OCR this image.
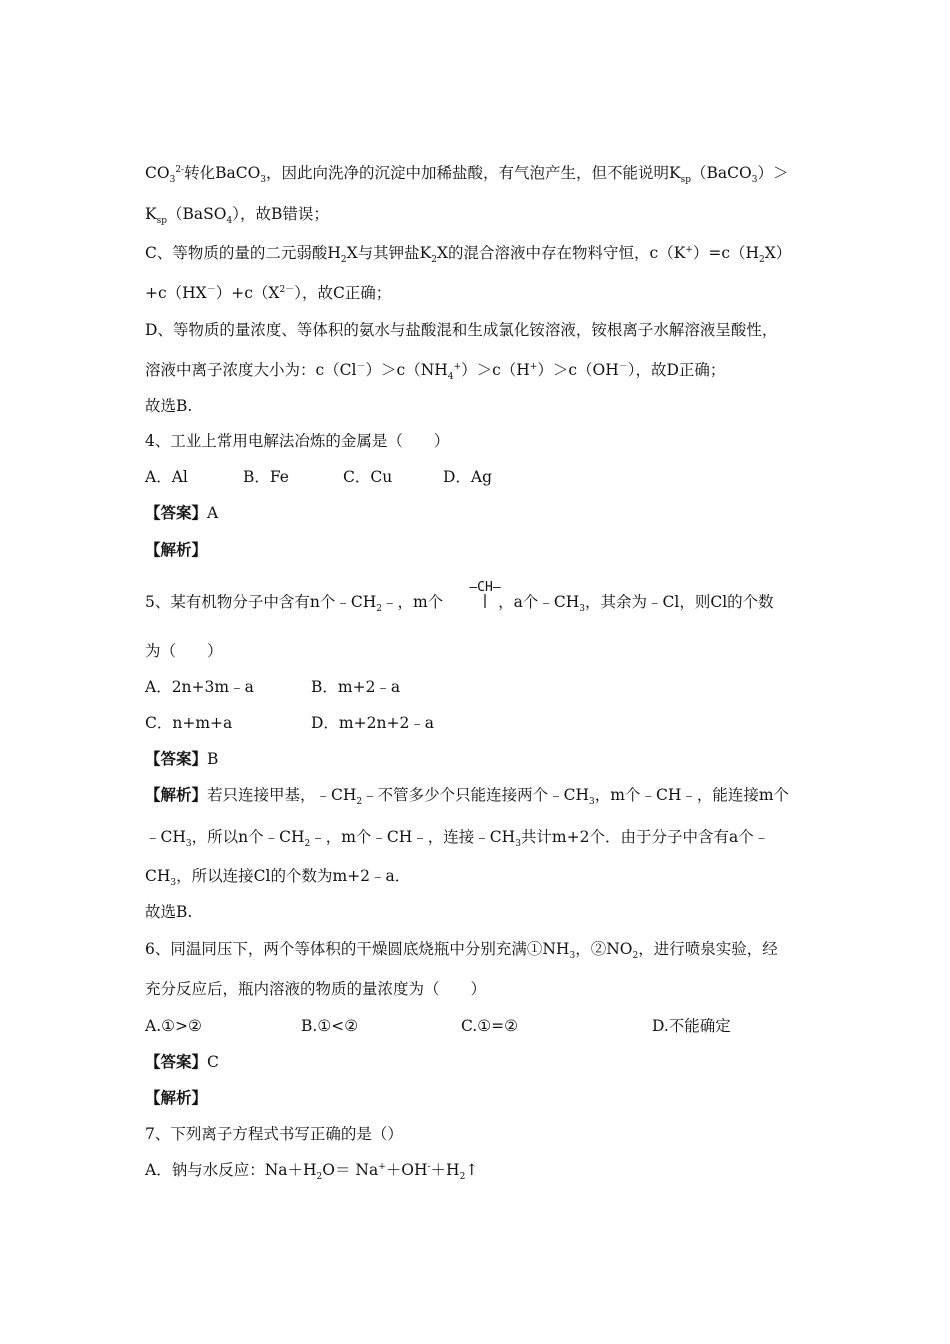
$CO_3^{2-}$转化BaCO$_3$，因此向洗净的沉淀中加稀盐酸，有气泡产生，但不能说明$K_{sp}(BaCO_3)>$
$K_{sp}(BaSO_4)$，故B错误；
C、等物质的量的二元弱酸$H_2X$与其钾盐$K_2X$的混合溶液中存在物料守恒，$c(K^+)=c(H_2X)$
$+c(HX^-)+c(X^{2-})$，故C正确；
D、等物质的量浓度、等体积的氨水与盐酸混和生成氯化铵溶液，铵根离子水解溶液呈酸性，
溶液中离子浓度大小为：$c(Cl^-)>c(NH_4^+)>c(H^+)>c(OH^-)$，故D正确；
故选B.
4、工业上常用电解法冶炼的金属是（　　）
A．Al	B．Fe	C．Cu	D．Ag
【答案】A
【解析】
5、某有机物分子中含有n个$﹣CH_2﹣$，m个	，a个$﹣CH_3$，其余为﹣Cl，则Cl的个数
—CH—
为（　　）
A．2n+3m﹣a	B．m+2﹣a
C．n+m+a	D．m+2n+2﹣a
【答案】B
【解析】若只连接甲基，$﹣CH_2﹣$不管多少个只能连接两个$﹣CH_3$，m个﹣CH﹣，能连接m个
$﹣CH_3$，所以n个$﹣CH_2﹣$，m个﹣CH﹣，连接$﹣CH_3$共计m+2个．由于分子中含有a个﹣
$CH_3$，所以连接Cl的个数为m+2﹣a．
故选B.
6、同温同压下，两个等体积的干燥圆底烧瓶中分别充满$①NH_3$，$②NO_2$，进行喷泉实验，经
充分反应后，瓶内溶液的物质的量浓度为（　　）
A.①>②	B.①<②	C.①=②	D.不能确定
【答案】C
【解析】
7、下列离子方程式书写正确的是（）
A．钠与水反应：$Na+H_2O=$ $Na^++OH^-+H_2↑$
